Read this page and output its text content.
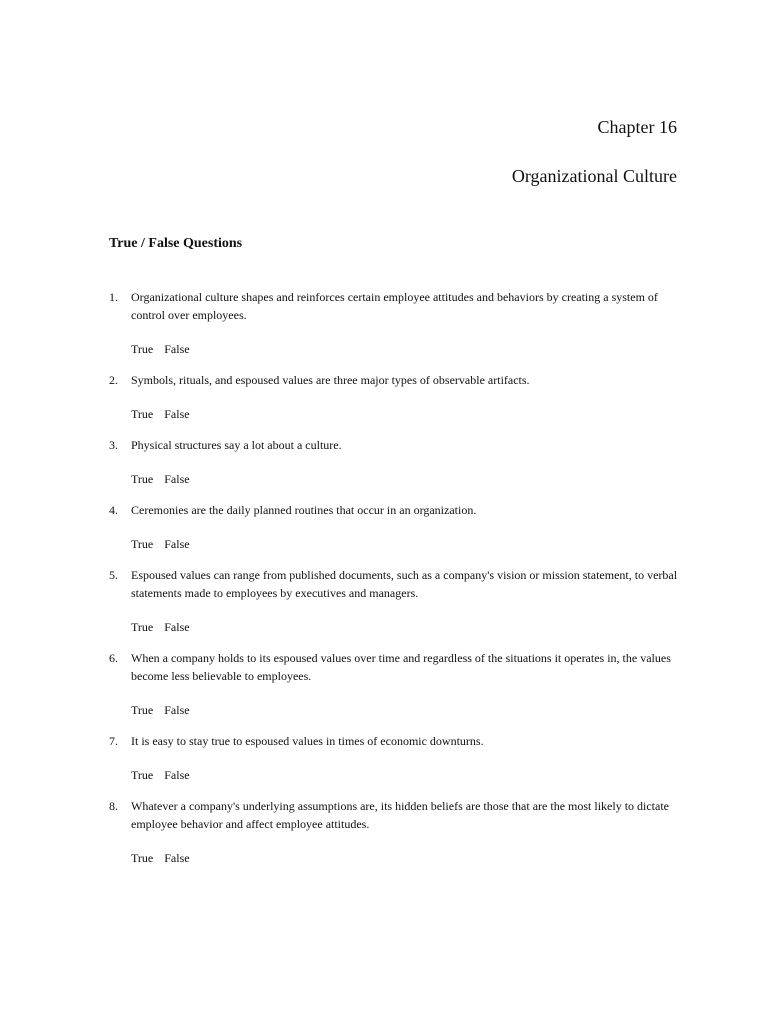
Chapter 16
Organizational Culture
True / False Questions
1. Organizational culture shapes and reinforces certain employee attitudes and behaviors by creating a system of control over employees.
True False
2. Symbols, rituals, and espoused values are three major types of observable artifacts.
True False
3. Physical structures say a lot about a culture.
True False
4. Ceremonies are the daily planned routines that occur in an organization.
True False
5. Espoused values can range from published documents, such as a company's vision or mission statement, to verbal statements made to employees by executives and managers.
True False
6. When a company holds to its espoused values over time and regardless of the situations it operates in, the values become less believable to employees.
True False
7. It is easy to stay true to espoused values in times of economic downturns.
True False
8. Whatever a company's underlying assumptions are, its hidden beliefs are those that are the most likely to dictate employee behavior and affect employee attitudes.
True False
